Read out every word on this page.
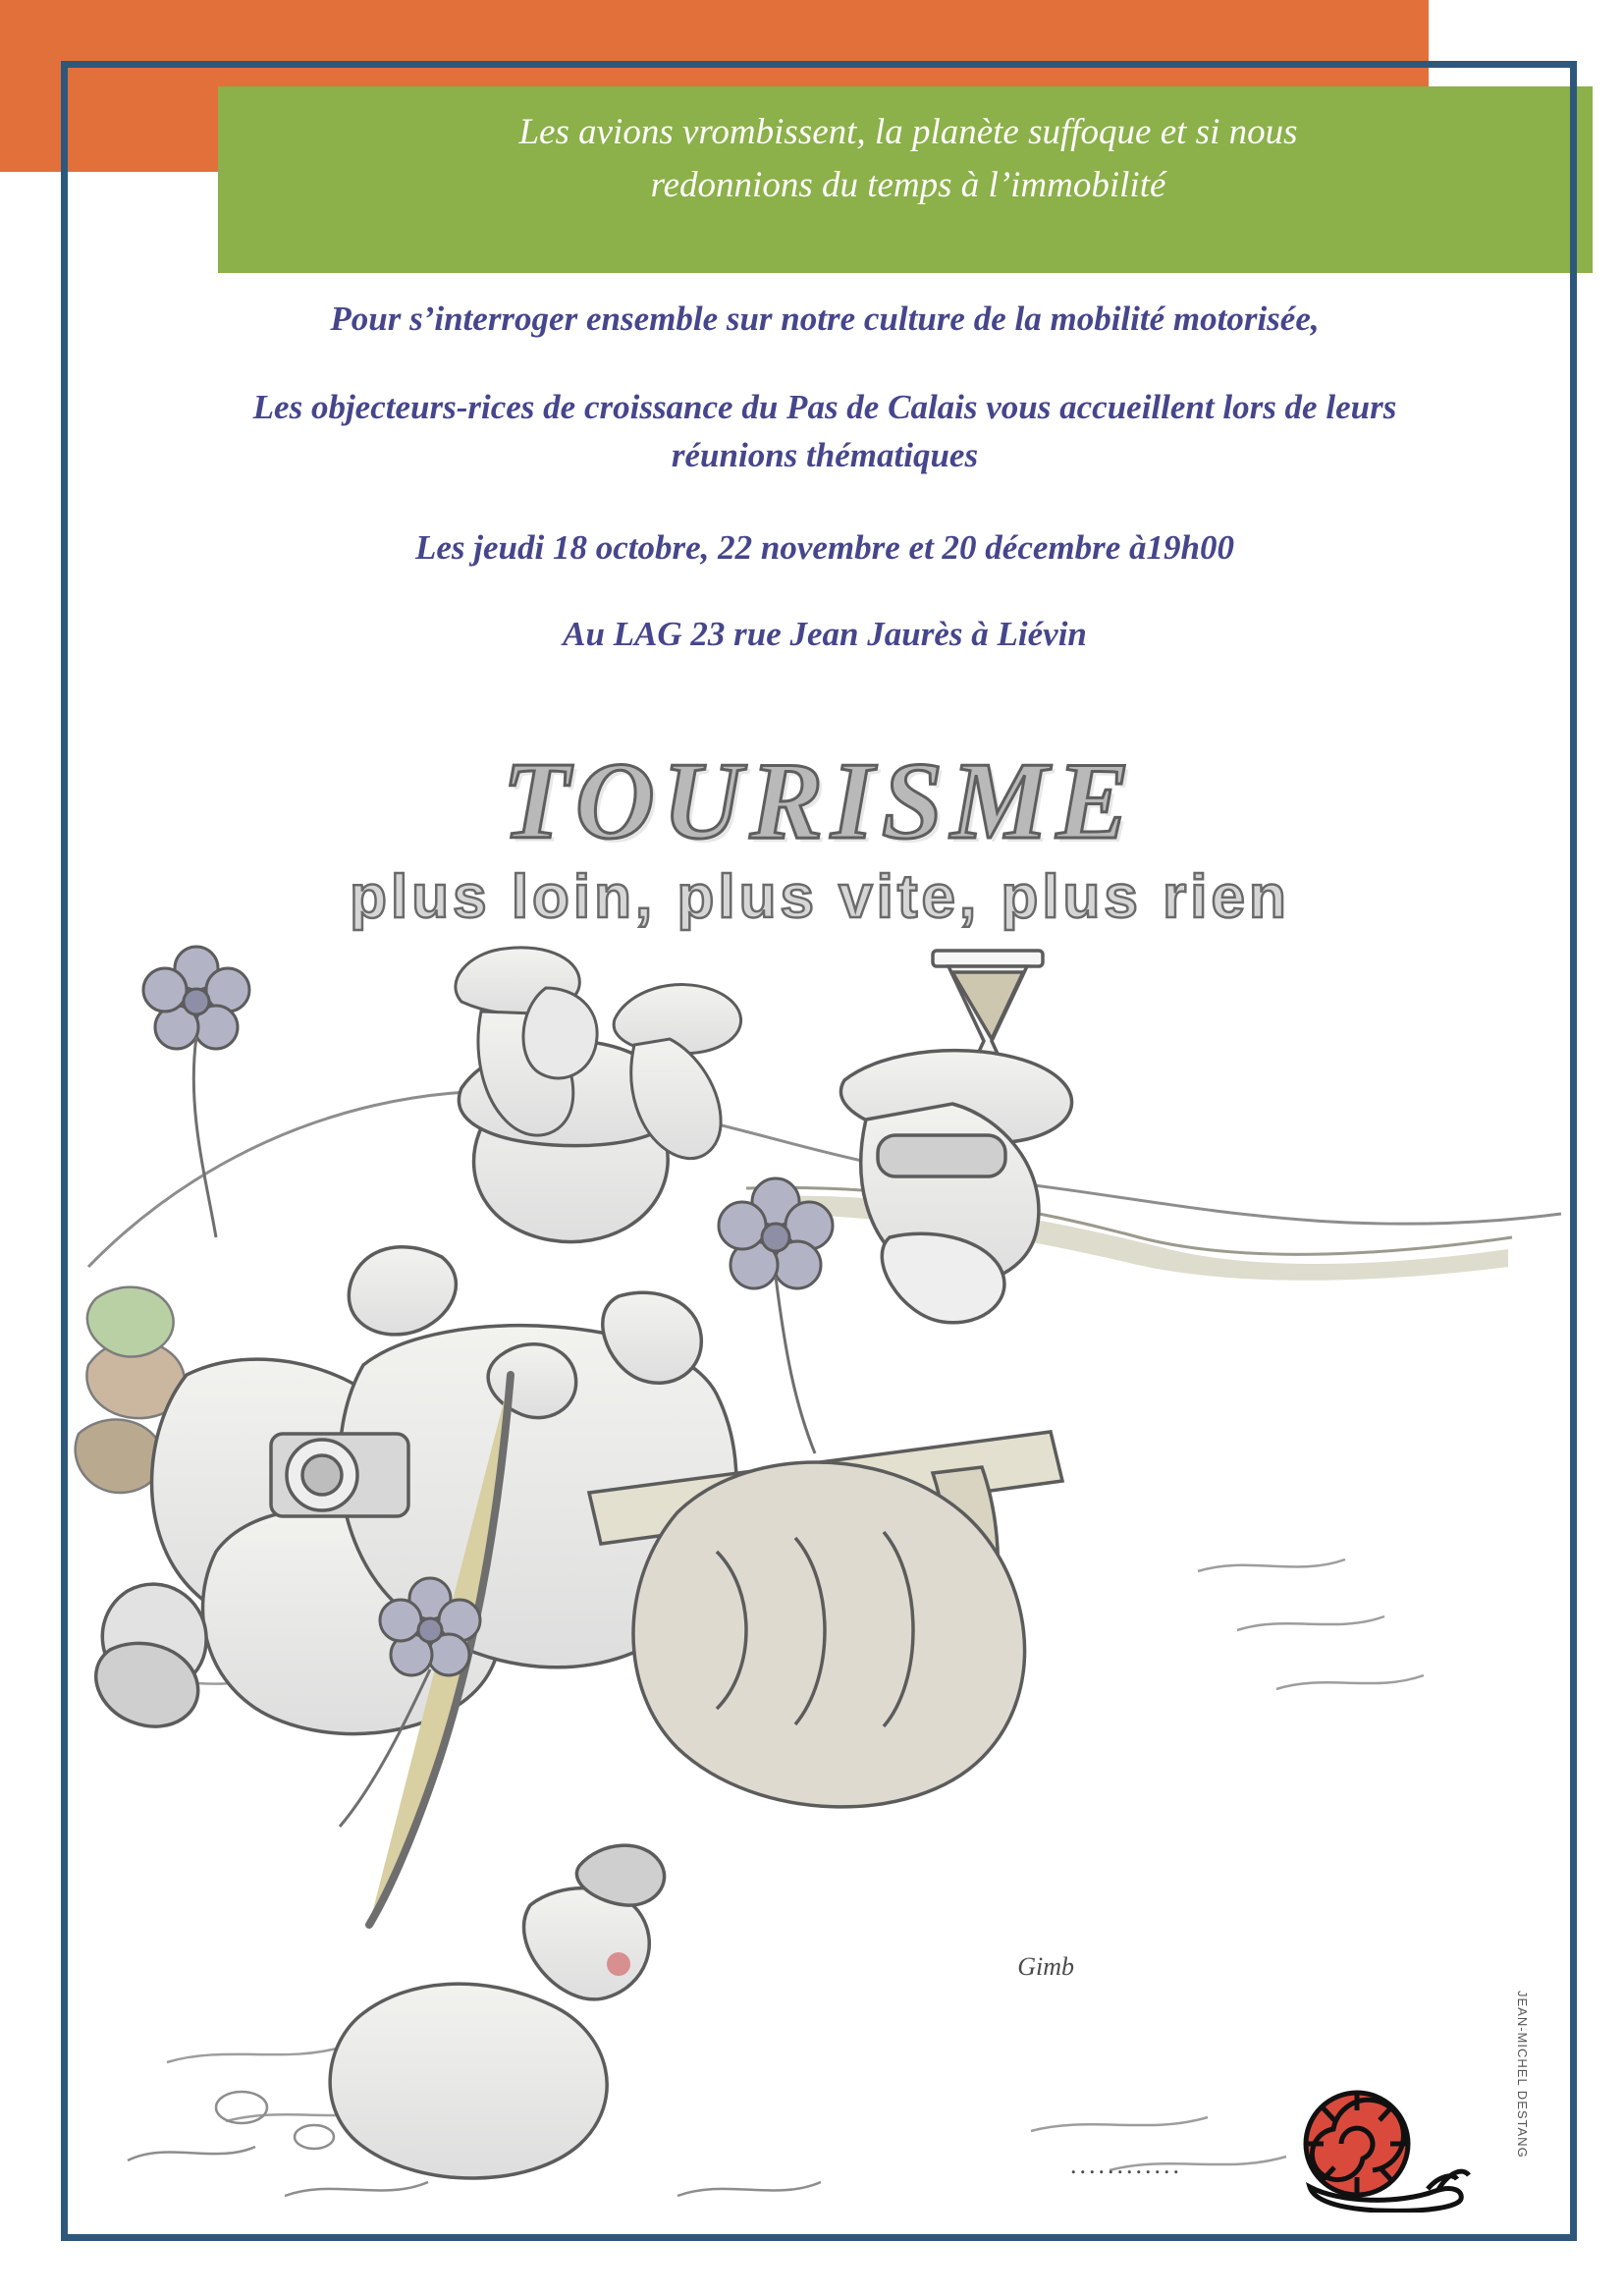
Les avions vrombissent, la planète suffoque et si nous
redonnions du temps à l’immobilité

Pour s’interroger ensemble sur notre culture de la mobilité motorisée,

Les objecteurs-rices de croissance du Pas de Calais vous accueillent lors de leurs réunions thématiques

Les jeudi 18 octobre, 22 novembre et 20 décembre à19h00

Au LAG 23 rue Jean Jaurès à Liévin

TOURISME
plus loin, plus vite, plus rien
Gimb
JEAN-MICHEL DESTANG
............
